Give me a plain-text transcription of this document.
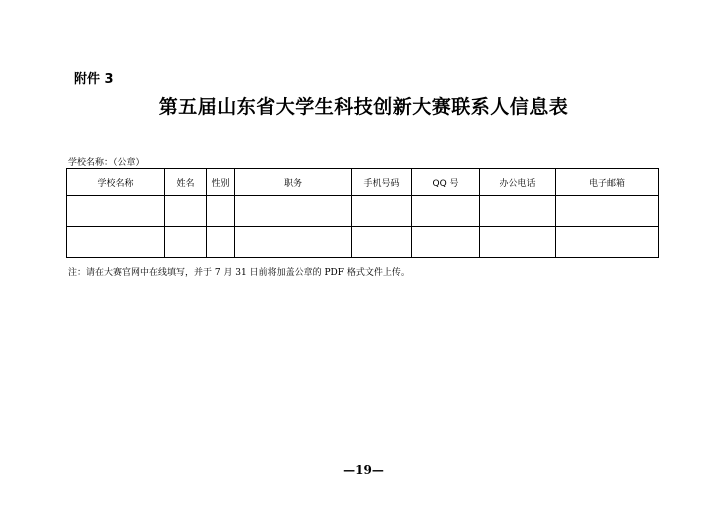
附件 3
第五届山东省大学生科技创新大赛联系人信息表
学校名称：（公章）
学校名称	姓名	性别	职务	手机号码	QQ 号	办公电话	电子邮箱

注：请在大赛官网中在线填写，并于 7 月 31 日前将加盖公章的 PDF 格式文件上传。
—19—
